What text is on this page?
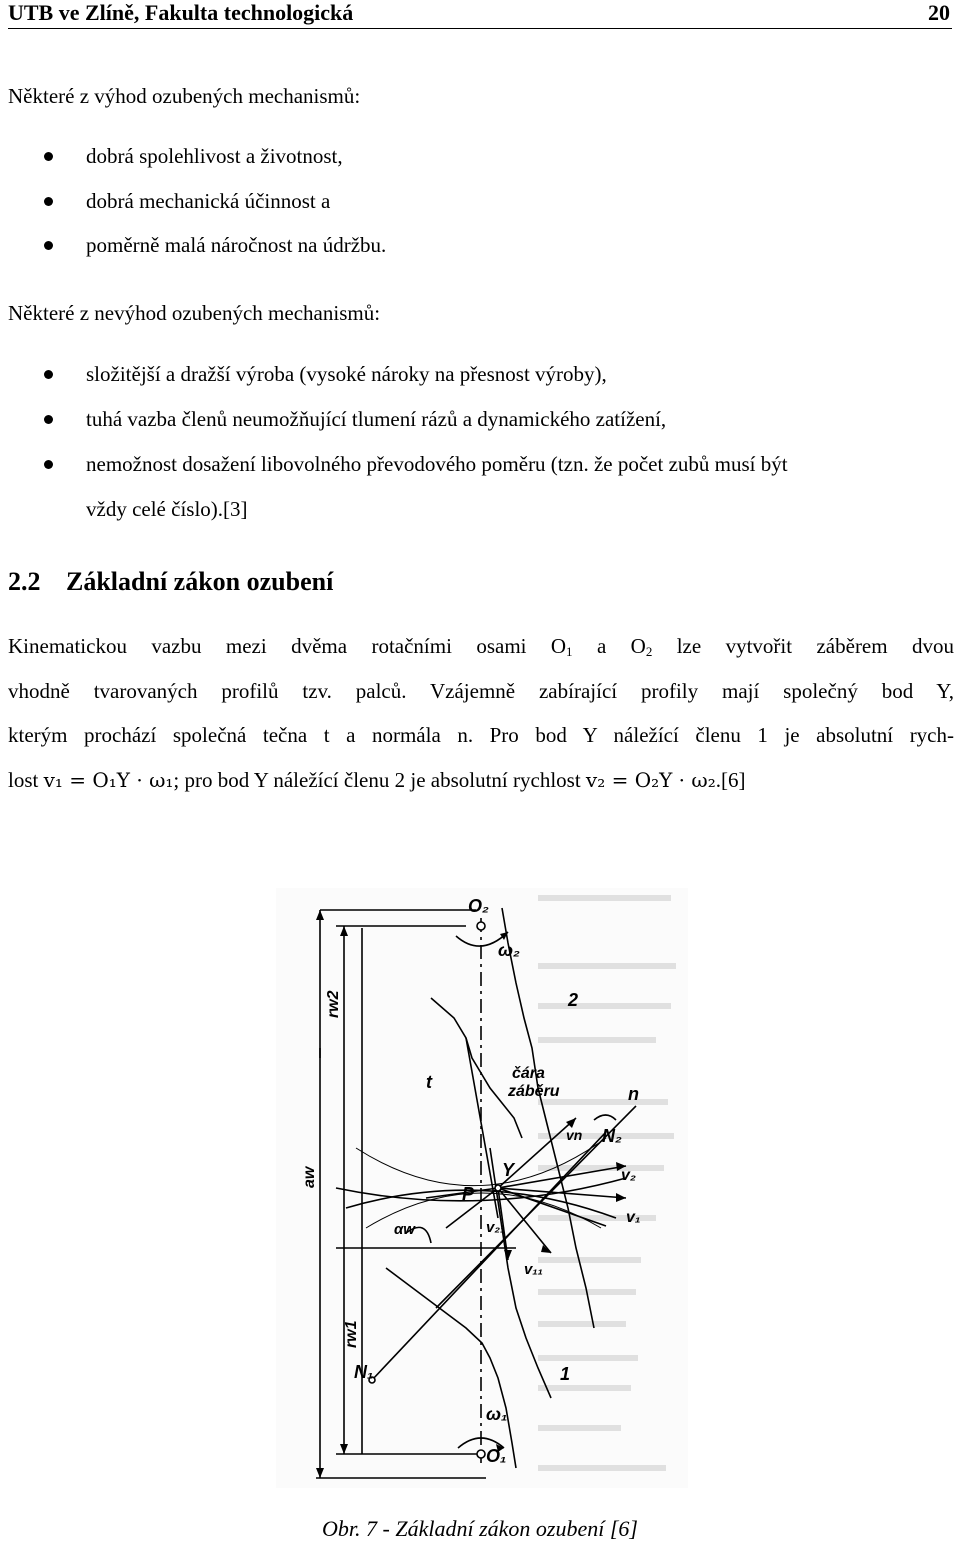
UTB ve Zlíně, Fakulta technologická	20
Některé z výhod ozubených mechanismů:
dobrá spolehlivost a životnost,
dobrá mechanická účinnost a
poměrně malá náročnost na údržbu.
Některé z nevýhod ozubených mechanismů:
složitější a dražší výroba (vysoké nároky na přesnost výroby),
tuhá vazba členů neumožňující tlumení rázů a dynamického zatížení,
nemožnost dosažení libovolného převodového poměru (tzn. že počet zubů musí být
vždy celé číslo).[3]
2.2 Základní zákon ozubení
Kinematickou vazbu mezi dvěma rotačními osami $O_1$ a $O_2$ lze vytvořit záběrem dvou
vhodně tvarovaných profilů tzv. palců. Vzájemně zabírající profily mají společný bod Y,
kterým prochází společná tečna t a normála n. Pro bod Y náležící členu 1 je absolutní rych-
lost v₁ = O₁Y · ω₁; pro bod Y náležící členu 2 je absolutní rychlost v₂ = O₂Y · ω₂.[6]
O₂
ω₂
2
t
n
čára
záběru
vn N₂
Y
P
v₂
v₁
v₂₁
v₁₁
αw
N₁	1
ω₁
O₁
aw
rw2
rw1
Obr. 7 - Základní zákon ozubení [6]
